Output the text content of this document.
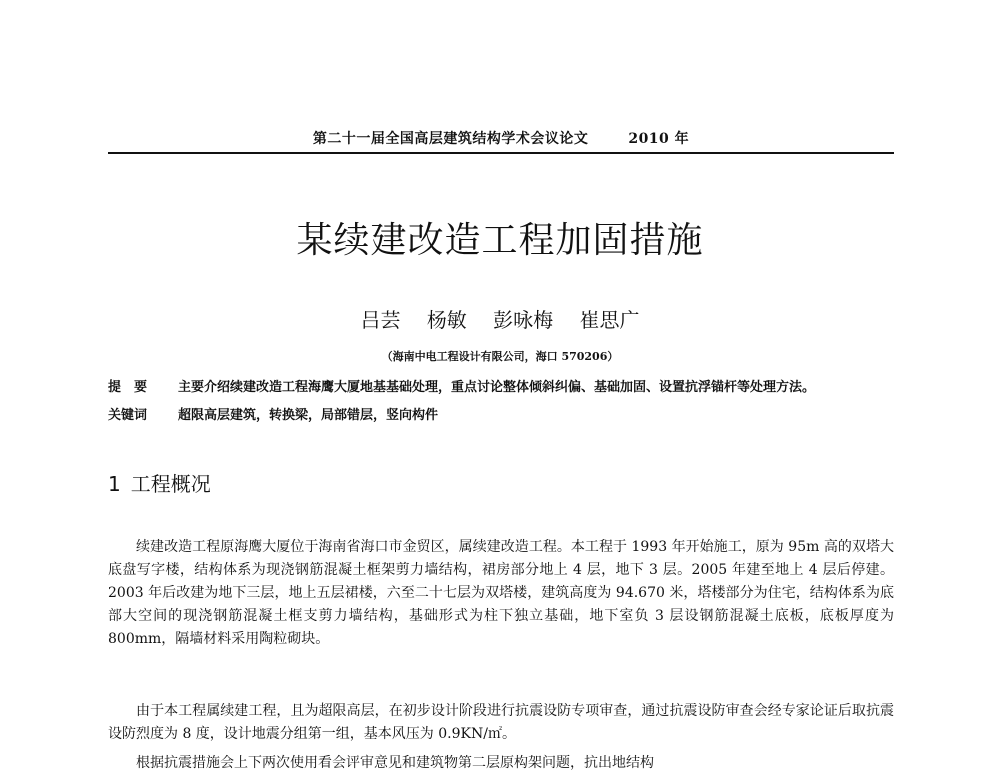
第二十一届全国高层建筑结构学术会议论文	2010 年
某续建改造工程加固措施
吕芸 杨敏 彭咏梅 崔思广
（海南中电工程设计有限公司，海口 570206）
提　要 主要介绍续建改造工程海鹰大厦地基基础处理，重点讨论整体倾斜纠偏、基础加固、设置抗浮锚杆等处理方法。
关键词 超限高层建筑，转换梁，局部错层，竖向构件
1 工程概况
续建改造工程原海鹰大厦位于海南省海口市金贸区，属续建改造工程。本工程于 1993 年开始施工，原为 95m 高的双塔大底盘写字楼，结构体系为现浇钢筋混凝土框架剪力墙结构，裙房部分地上 4 层，地下 3 层。2005 年建至地上 4 层后停建。2003 年后改建为地下三层，地上五层裙楼，六至二十七层为双塔楼，建筑高度为 94.670 米，塔楼部分为住宅，结构体系为底部大空间的现浇钢筋混凝土框支剪力墙结构，基础形式为柱下独立基础，地下室负 3 层设钢筋混凝土底板，底板厚度为 800mm，隔墙材料采用陶粒砌块。
由于本工程属续建工程，且为超限高层，在初步设计阶段进行抗震设防专项审查，通过抗震设防审查会经专家论证后取抗震设防烈度为 8 度，设计地震分组第一组，基本风压为 0.9KN/㎡。
根据抗震措施会上下两次使用看会评审意见和建筑物第二层原构架问题，抗出地结构
